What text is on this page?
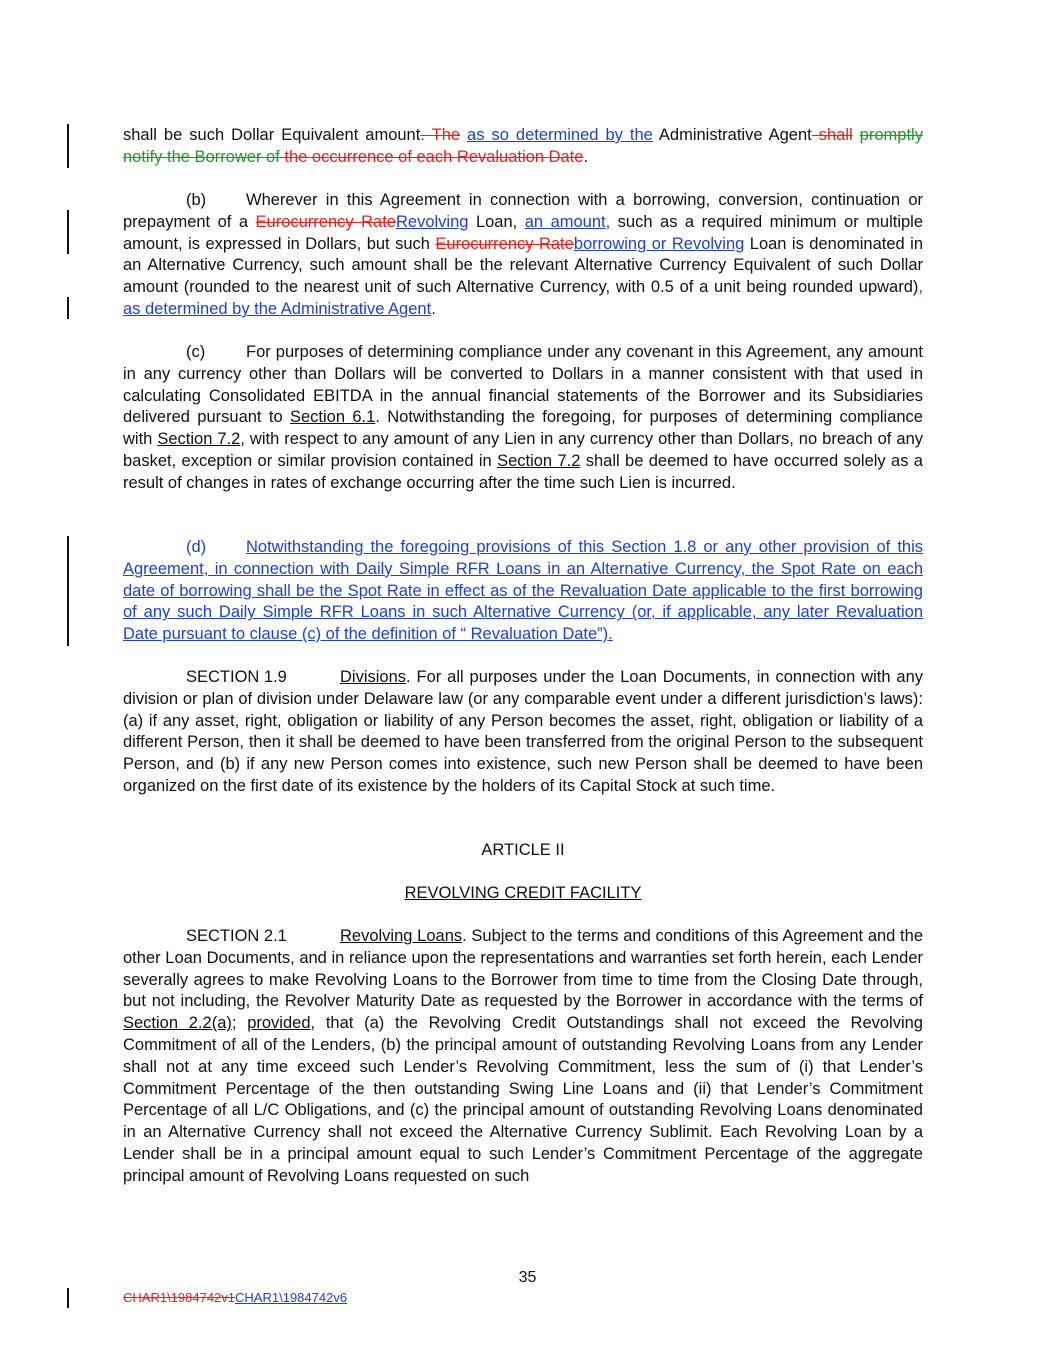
shall be such Dollar Equivalent amount. The as so determined by the Administrative Agent shall promptly notify the Borrower of the occurrence of each Revaluation Date.

(b) Wherever in this Agreement in connection with a borrowing, conversion, continuation or prepayment of a Eurocurrency RateRevolving Loan, an amount, such as a required minimum or multiple amount, is expressed in Dollars, but such Eurocurrency Rateborrowing or Revolving Loan is denominated in an Alternative Currency, such amount shall be the relevant Alternative Currency Equivalent of such Dollar amount (rounded to the nearest unit of such Alternative Currency, with 0.5 of a unit being rounded upward), as determined by the Administrative Agent.

(c) For purposes of determining compliance under any covenant in this Agreement, any amount in any currency other than Dollars will be converted to Dollars in a manner consistent with that used in calculating Consolidated EBITDA in the annual financial statements of the Borrower and its Subsidiaries delivered pursuant to Section 6.1. Notwithstanding the foregoing, for purposes of determining compliance with Section 7.2, with respect to any amount of any Lien in any currency other than Dollars, no breach of any basket, exception or similar provision contained in Section 7.2 shall be deemed to have occurred solely as a result of changes in rates of exchange occurring after the time such Lien is incurred.

(d) Notwithstanding the foregoing provisions of this Section 1.8 or any other provision of this Agreement, in connection with Daily Simple RFR Loans in an Alternative Currency, the Spot Rate on each date of borrowing shall be the Spot Rate in effect as of the Revaluation Date applicable to the first borrowing of any such Daily Simple RFR Loans in such Alternative Currency (or, if applicable, any later Revaluation Date pursuant to clause (c) of the definition of “ Revaluation Date”).

SECTION 1.9	Divisions. For all purposes under the Loan Documents, in connection with any division or plan of division under Delaware law (or any comparable event under a different jurisdiction’s laws): (a) if any asset, right, obligation or liability of any Person becomes the asset, right, obligation or liability of a different Person, then it shall be deemed to have been transferred from the original Person to the subsequent Person, and (b) if any new Person comes into existence, such new Person shall be deemed to have been organized on the first date of its existence by the holders of its Capital Stock at such time.

ARTICLE II
REVOLVING CREDIT FACILITY

SECTION 2.1	Revolving Loans. Subject to the terms and conditions of this Agreement and the other Loan Documents, and in reliance upon the representations and warranties set forth herein, each Lender severally agrees to make Revolving Loans to the Borrower from time to time from the Closing Date through, but not including, the Revolver Maturity Date as requested by the Borrower in accordance with the terms of Section 2.2(a); provided, that (a) the Revolving Credit Outstandings shall not exceed the Revolving Commitment of all of the Lenders, (b) the principal amount of outstanding Revolving Loans from any Lender shall not at any time exceed such Lender’s Revolving Commitment, less the sum of (i) that Lender’s Commitment Percentage of the then outstanding Swing Line Loans and (ii) that Lender’s Commitment Percentage of all L/C Obligations, and (c) the principal amount of outstanding Revolving Loans denominated in an Alternative Currency shall not exceed the Alternative Currency Sublimit. Each Revolving Loan by a Lender shall be in a principal amount equal to such Lender’s Commitment Percentage of the aggregate principal amount of Revolving Loans requested on such

35
CHAR1\1984742v1CHAR1\1984742v6
